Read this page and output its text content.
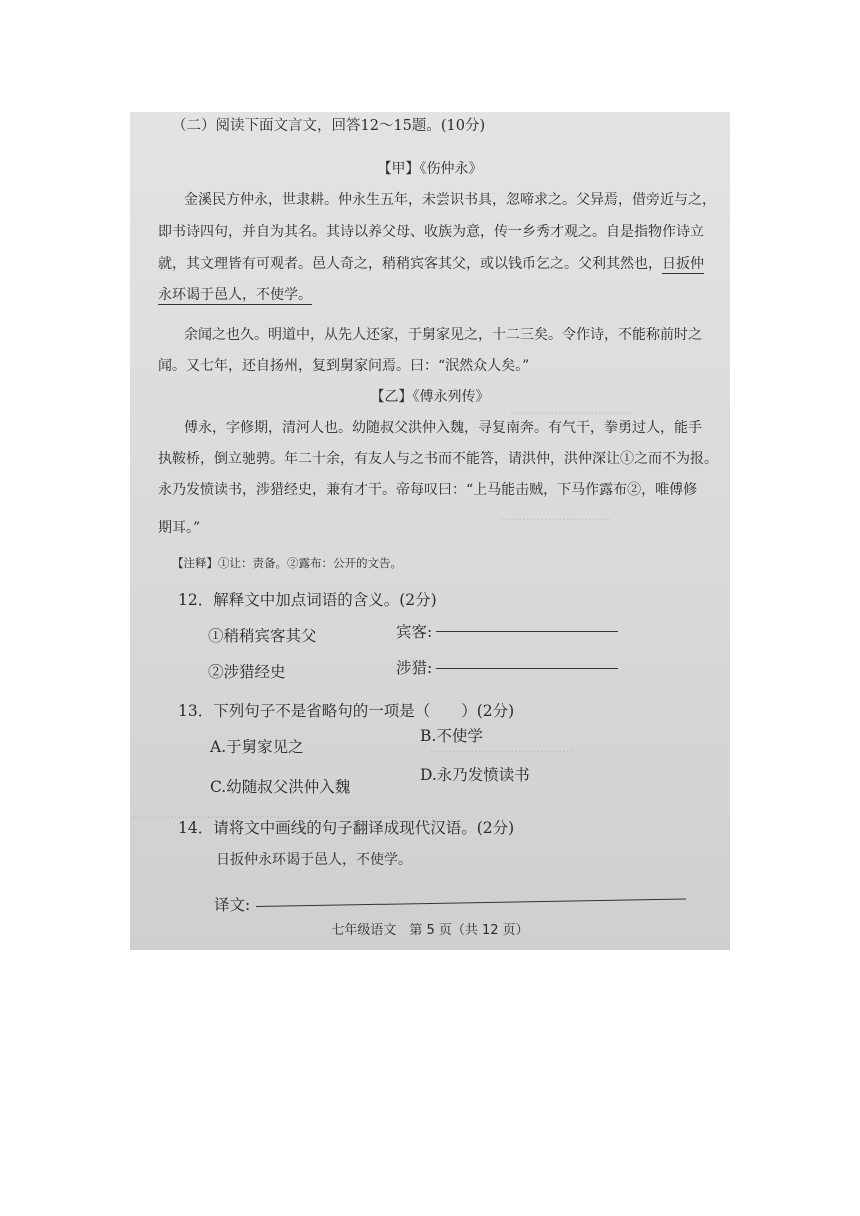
……………………………
…………………………
…………………………………
…………………………………………………………………………
（二）阅读下面文言文，回答12～15题。(10分)
【甲】《伤仲永》
金溪民方仲永，世隶耕。仲永生五年，未尝识书具，忽啼求之。父异焉，借旁近与之，
即书诗四句，并自为其名。其诗以养父母、收族为意，传一乡秀才观之。自是指物作诗立
就，其文理皆有可观者。邑人奇之，稍稍宾客其父，或以钱币乞之。父利其然也，日扳仲
永环谒于邑人，不使学。
余闻之也久。明道中，从先人还家，于舅家见之，十二三矣。令作诗，不能称前时之
闻。又七年，还自扬州，复到舅家问焉。曰：“泯然众人矣。”
【乙】《傅永列传》
傅永，字修期，清河人也。幼随叔父洪仲入魏，寻复南奔。有气干，拳勇过人，能手
执鞍桥，倒立驰骋。年二十余，有友人与之书而不能答，请洪仲，洪仲深让①之而不为报。
永乃发愤读书，涉猎经史，兼有才干。帝每叹曰：“上马能击贼，下马作露布②，唯傅修
期耳。”
【注释】①让：责备。②露布：公开的文告。
12．解释文中加点词语的含义。(2分)
①稍稍宾客其父	宾客:
②涉猎经史	涉猎:
13．下列句子不是省略句的一项是（　　）(2分)
A.于舅家见之
B.不使学
C.幼随叔父洪仲入魏
D.永乃发愤读书
14．请将文中画线的句子翻译成现代汉语。(2分)
日扳仲永环谒于邑人，不使学。
译文:
七年级语文　第 5 页（共 12 页）
